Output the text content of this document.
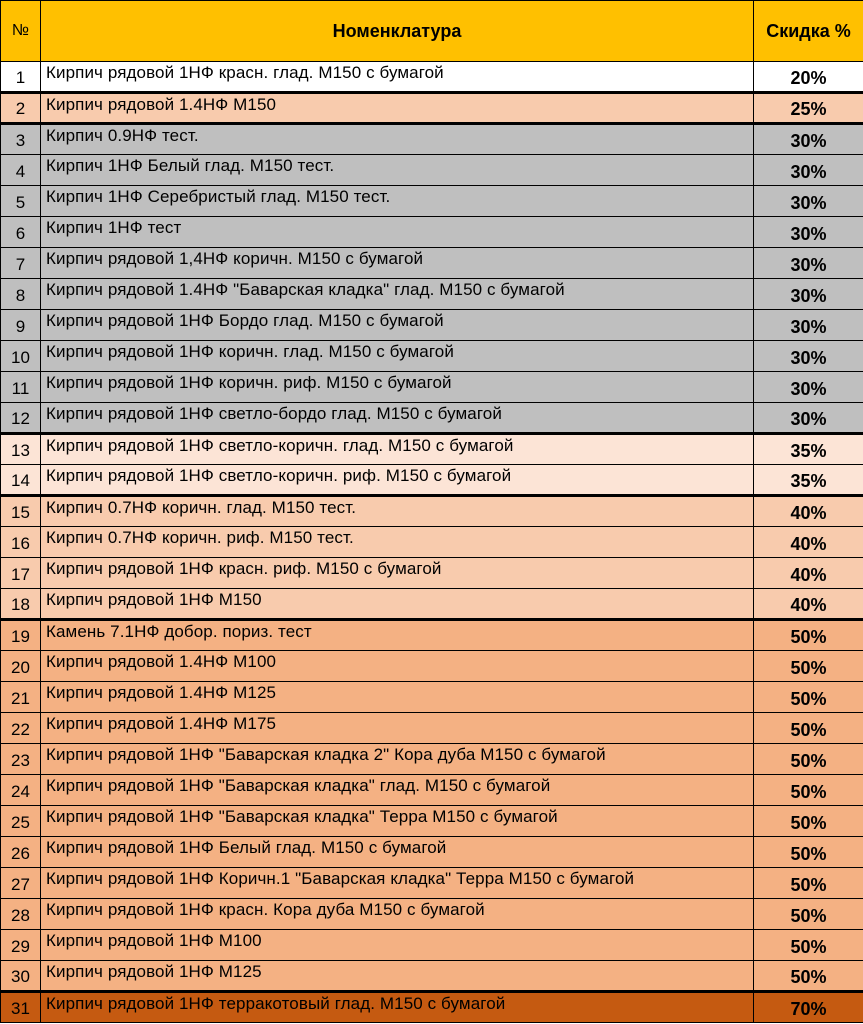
№	Номенклатура	Скидка %
1	Кирпич рядовой 1НФ красн. глад. М150 с бумагой	20%
2	Кирпич рядовой 1.4НФ М150	25%
3	Кирпич 0.9НФ тест.	30%
4	Кирпич 1НФ Белый глад. М150 тест.	30%
5	Кирпич 1НФ Серебристый глад. М150 тест.	30%
6	Кирпич 1НФ тест	30%
7	Кирпич рядовой 1,4НФ коричн. М150 с бумагой	30%
8	Кирпич рядовой 1.4НФ "Баварская кладка" глад. М150 с бумагой	30%
9	Кирпич рядовой 1НФ Бордо глад. М150 с бумагой	30%
10	Кирпич рядовой 1НФ коричн. глад. М150 с бумагой	30%
11	Кирпич рядовой 1НФ коричн. риф. М150 с бумагой	30%
12	Кирпич рядовой 1НФ светло-бордо глад. М150 с бумагой	30%
13	Кирпич рядовой 1НФ светло-коричн. глад. М150 с бумагой	35%
14	Кирпич рядовой 1НФ светло-коричн. риф. М150 с бумагой	35%
15	Кирпич 0.7НФ коричн. глад. М150 тест.	40%
16	Кирпич 0.7НФ коричн. риф. М150 тест.	40%
17	Кирпич рядовой 1НФ красн. риф. М150 с бумагой	40%
18	Кирпич рядовой 1НФ М150	40%
19	Камень 7.1НФ добор. пориз. тест	50%
20	Кирпич рядовой 1.4НФ М100	50%
21	Кирпич рядовой 1.4НФ М125	50%
22	Кирпич рядовой 1.4НФ М175	50%
23	Кирпич рядовой 1НФ "Баварская кладка 2" Кора дуба М150 с бумагой	50%
24	Кирпич рядовой 1НФ "Баварская кладка" глад. М150 с бумагой	50%
25	Кирпич рядовой 1НФ "Баварская кладка" Терра М150 с бумагой	50%
26	Кирпич рядовой 1НФ Белый глад. М150 с бумагой	50%
27	Кирпич рядовой 1НФ Коричн.1 "Баварская кладка" Терра М150 с бумагой	50%
28	Кирпич рядовой 1НФ красн. Кора дуба М150 с бумагой	50%
29	Кирпич рядовой 1НФ М100	50%
30	Кирпич рядовой 1НФ М125	50%
31	Кирпич рядовой 1НФ терракотовый глад. М150 с бумагой	70%
